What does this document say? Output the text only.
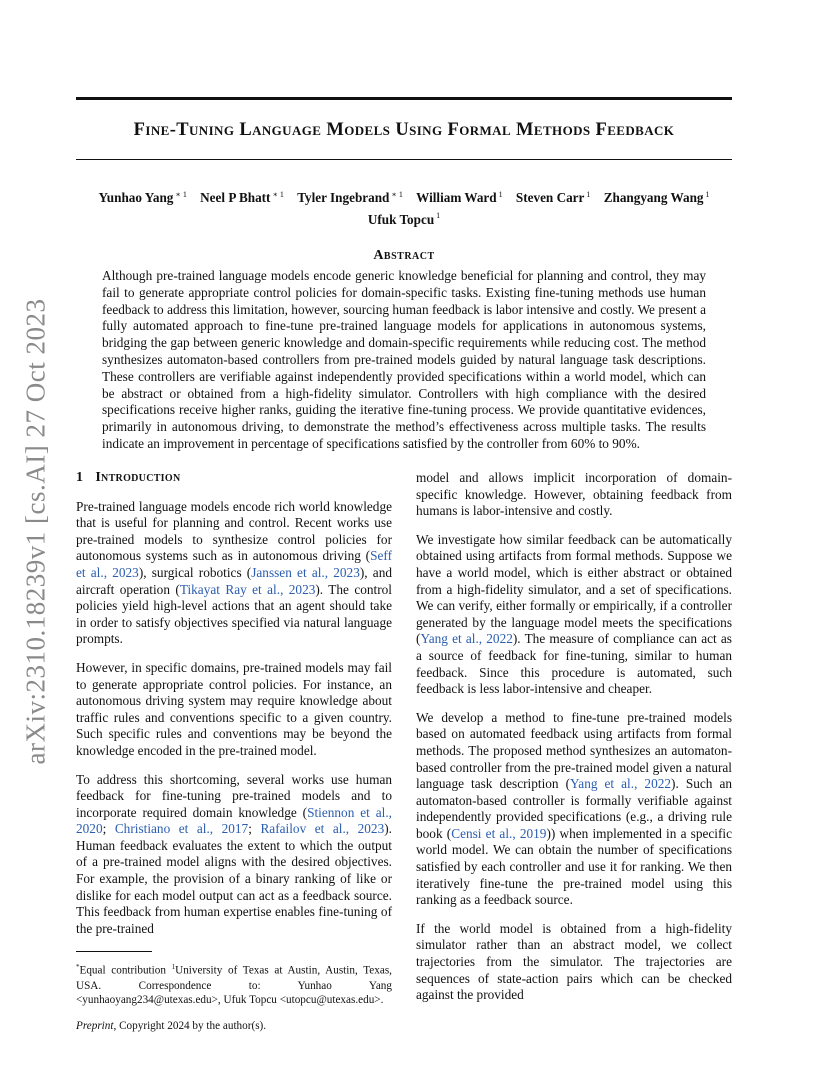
arXiv:2310.18239v1 [cs.AI] 27 Oct 2023
Fine-Tuning Language Models Using Formal Methods Feedback
Yunhao Yang $^{∗ 1}$ Neel P Bhatt $^{∗ 1}$ Tyler Ingebrand $^{∗ 1}$ William Ward $^1$ Steven Carr $^1$ Zhangyang Wang $^1$
Ufuk Topcu $^1$
Abstract

Although pre-trained language models encode generic knowledge beneficial for planning and control, they may fail to generate appropriate control policies for domain-specific tasks. Existing fine-tuning methods use human feedback to address this limitation, however, sourcing human feedback is labor intensive and costly. We present a fully automated approach to fine-tune pre-trained language models for applications in autonomous systems, bridging the gap between generic knowledge and domain-specific requirements while reducing cost. The method synthesizes automaton-based controllers from pre-trained models guided by natural language task descriptions. These controllers are verifiable against independently provided specifications within a world model, which can be abstract or obtained from a high-fidelity simulator. Controllers with high compliance with the desired specifications receive higher ranks, guiding the iterative fine-tuning process. We provide quantitative evidences, primarily in autonomous driving, to demonstrate the method’s effectiveness across multiple tasks. The results indicate an improvement in percentage of specifications satisfied by the controller from 60% to 90%.

1 Introduction

Pre-trained language models encode rich world knowledge that is useful for planning and control. Recent works use pre-trained models to synthesize control policies for autonomous systems such as in autonomous driving (Seff et al., 2023), surgical robotics (Janssen et al., 2023), and aircraft operation (Tikayat Ray et al., 2023). The control policies yield high-level actions that an agent should take in order to satisfy objectives specified via natural language prompts.

However, in specific domains, pre-trained models may fail to generate appropriate control policies. For instance, an autonomous driving system may require knowledge about traffic rules and conventions specific to a given country. Such specific rules and conventions may be beyond the knowledge encoded in the pre-trained model.

To address this shortcoming, several works use human feedback for fine-tuning pre-trained models and to incorporate required domain knowledge (Stiennon et al., 2020; Christiano et al., 2017; Rafailov et al., 2023). Human feedback evaluates the extent to which the output of a pre-trained model aligns with the desired objectives. For example, the provision of a binary ranking of like or dislike for each model output can act as a feedback source. This feedback from human expertise enables fine-tuning of the pre-trained

*Equal contribution $^1$University of Texas at Austin, Austin, Texas, USA. Correspondence to: Yunhao Yang <yunhaoyang234@utexas.edu>, Ufuk Topcu <utopcu@utexas.edu>.

Preprint, Copyright 2024 by the author(s).

model and allows implicit incorporation of domain-specific knowledge. However, obtaining feedback from humans is labor-intensive and costly.

We investigate how similar feedback can be automatically obtained using artifacts from formal methods. Suppose we have a world model, which is either abstract or obtained from a high-fidelity simulator, and a set of specifications. We can verify, either formally or empirically, if a controller generated by the language model meets the specifications (Yang et al., 2022). The measure of compliance can act as a source of feedback for fine-tuning, similar to human feedback. Since this procedure is automated, such feedback is less labor-intensive and cheaper.

We develop a method to fine-tune pre-trained models based on automated feedback using artifacts from formal methods. The proposed method synthesizes an automaton-based controller from the pre-trained model given a natural language task description (Yang et al., 2022). Such an automaton-based controller is formally verifiable against independently provided specifications (e.g., a driving rule book (Censi et al., 2019)) when implemented in a specific world model. We can obtain the number of specifications satisfied by each controller and use it for ranking. We then iteratively fine-tune the pre-trained model using this ranking as a feedback source.

If the world model is obtained from a high-fidelity simulator rather than an abstract model, we collect trajectories from the simulator. The trajectories are sequences of state-action pairs which can be checked against the provided
